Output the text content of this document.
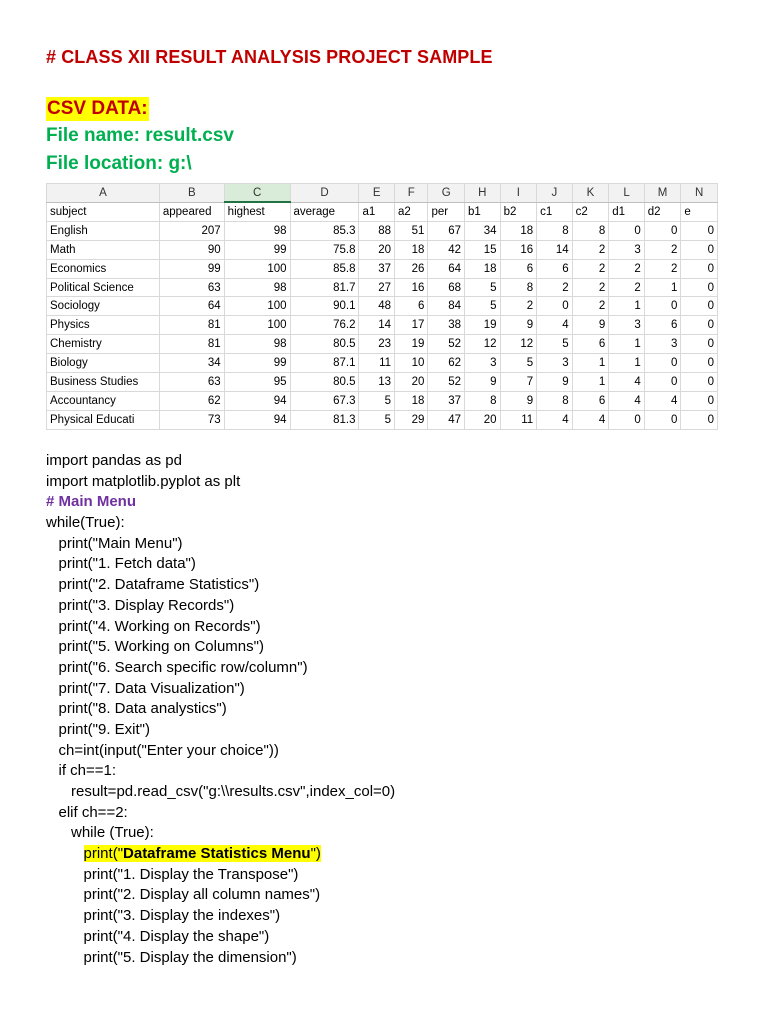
# CLASS XII RESULT ANALYSIS PROJECT SAMPLE
CSV DATA:
File name: result.csv
File location: g:\
A	B	C	D	E	F	G	H	I	J	K	L	M	N
subject	appeared	highest	average	a1	a2	per	b1	b2	c1	c2	d1	d2	e
English	207	98	85.3	88	51	67	34	18	8	8	0	0	0
Math	90	99	75.8	20	18	42	15	16	14	2	3	2	0
Economics	99	100	85.8	37	26	64	18	6	6	2	2	2	0
Political Science	63	98	81.7	27	16	68	5	8	2	2	2	1	0
Sociology	64	100	90.1	48	6	84	5	2	0	2	1	0	0
Physics	81	100	76.2	14	17	38	19	9	4	9	3	6	0
Chemistry	81	98	80.5	23	19	52	12	12	5	6	1	3	0
Biology	34	99	87.1	11	10	62	3	5	3	1	1	0	0
Business Studies	63	95	80.5	13	20	52	9	7	9	1	4	0	0
Accountancy	62	94	67.3	5	18	37	8	9	8	6	4	4	0
Physical Educati	73	94	81.3	5	29	47	20	11	4	4	0	0	0
import pandas as pd
import matplotlib.pyplot as plt
# Main Menu
while(True):
print("Main Menu")
print("1. Fetch data")
print("2. Dataframe Statistics")
print("3. Display Records")
print("4. Working on Records")
print("5. Working on Columns")
print("6. Search specific row/column")
print("7. Data Visualization")
print("8. Data analystics")
print("9. Exit")
ch=int(input("Enter your choice"))
if ch==1:
result=pd.read_csv("g:\\results.csv",index_col=0)
elif ch==2:
while (True):
print("Dataframe Statistics Menu")
print("1. Display the Transpose")
print("2. Display all column names")
print("3. Display the indexes")
print("4. Display the shape")
print("5. Display the dimension")
